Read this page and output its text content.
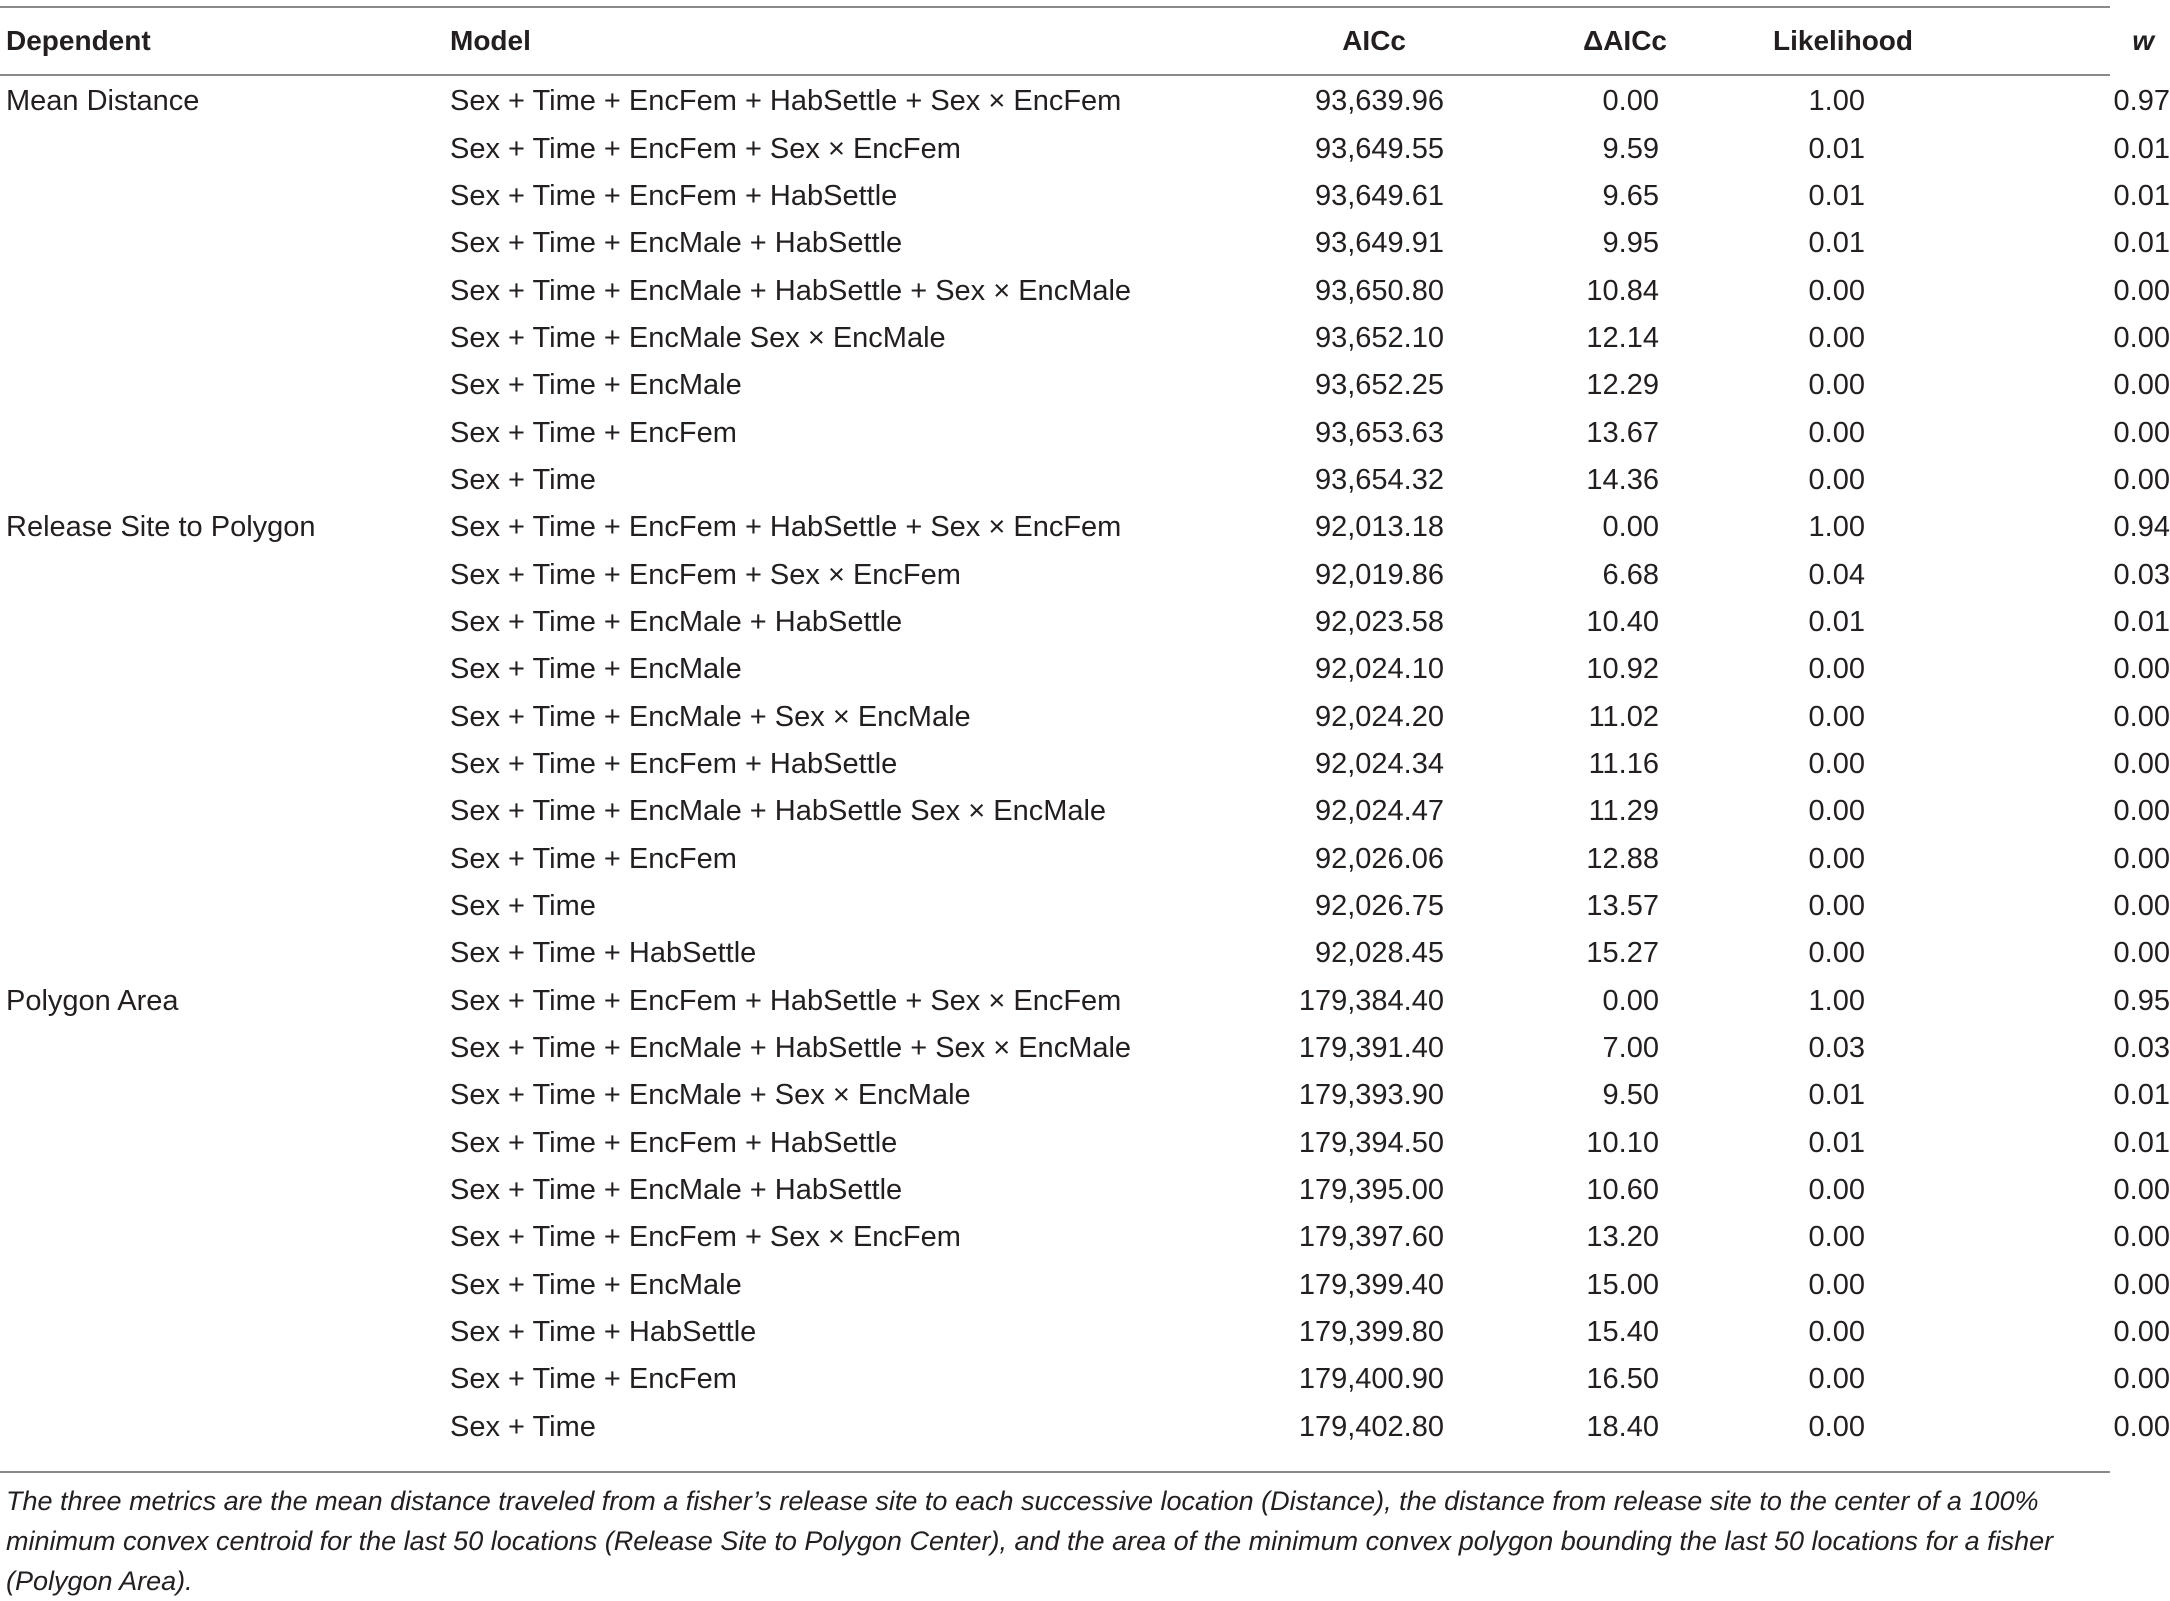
Dependent	Model	AICc	ΔAICc	Likelihood	w
Mean Distance	Sex + Time + EncFem + HabSettle + Sex × EncFem	93,639.96	0.00	1.00	0.97
	Sex + Time + EncFem + Sex × EncFem	93,649.55	9.59	0.01	0.01
	Sex + Time + EncFem + HabSettle	93,649.61	9.65	0.01	0.01
	Sex + Time + EncMale + HabSettle	93,649.91	9.95	0.01	0.01
	Sex + Time + EncMale + HabSettle + Sex × EncMale	93,650.80	10.84	0.00	0.00
	Sex + Time + EncMale Sex × EncMale	93,652.10	12.14	0.00	0.00
	Sex + Time + EncMale	93,652.25	12.29	0.00	0.00
	Sex + Time + EncFem	93,653.63	13.67	0.00	0.00
	Sex + Time	93,654.32	14.36	0.00	0.00
Release Site to Polygon	Sex + Time + EncFem + HabSettle + Sex × EncFem	92,013.18	0.00	1.00	0.94
	Sex + Time + EncFem + Sex × EncFem	92,019.86	6.68	0.04	0.03
	Sex + Time + EncMale + HabSettle	92,023.58	10.40	0.01	0.01
	Sex + Time + EncMale	92,024.10	10.92	0.00	0.00
	Sex + Time + EncMale + Sex × EncMale	92,024.20	11.02	0.00	0.00
	Sex + Time + EncFem + HabSettle	92,024.34	11.16	0.00	0.00
	Sex + Time + EncMale + HabSettle Sex × EncMale	92,024.47	11.29	0.00	0.00
	Sex + Time + EncFem	92,026.06	12.88	0.00	0.00
	Sex + Time	92,026.75	13.57	0.00	0.00
	Sex + Time + HabSettle	92,028.45	15.27	0.00	0.00
Polygon Area	Sex + Time + EncFem + HabSettle + Sex × EncFem	179,384.40	0.00	1.00	0.95
	Sex + Time + EncMale + HabSettle + Sex × EncMale	179,391.40	7.00	0.03	0.03
	Sex + Time + EncMale + Sex × EncMale	179,393.90	9.50	0.01	0.01
	Sex + Time + EncFem + HabSettle	179,394.50	10.10	0.01	0.01
	Sex + Time + EncMale + HabSettle	179,395.00	10.60	0.00	0.00
	Sex + Time + EncFem + Sex × EncFem	179,397.60	13.20	0.00	0.00
	Sex + Time + EncMale	179,399.40	15.00	0.00	0.00
	Sex + Time + HabSettle	179,399.80	15.40	0.00	0.00
	Sex + Time + EncFem	179,400.90	16.50	0.00	0.00
	Sex + Time	179,402.80	18.40	0.00	0.00
The three metrics are the mean distance traveled from a fisher’s release site to each successive location (Distance), the distance from release site to the center of a 100% minimum convex centroid for the last 50 locations (Release Site to Polygon Center), and the area of the minimum convex polygon bounding the last 50 locations for a fisher (Polygon Area).
